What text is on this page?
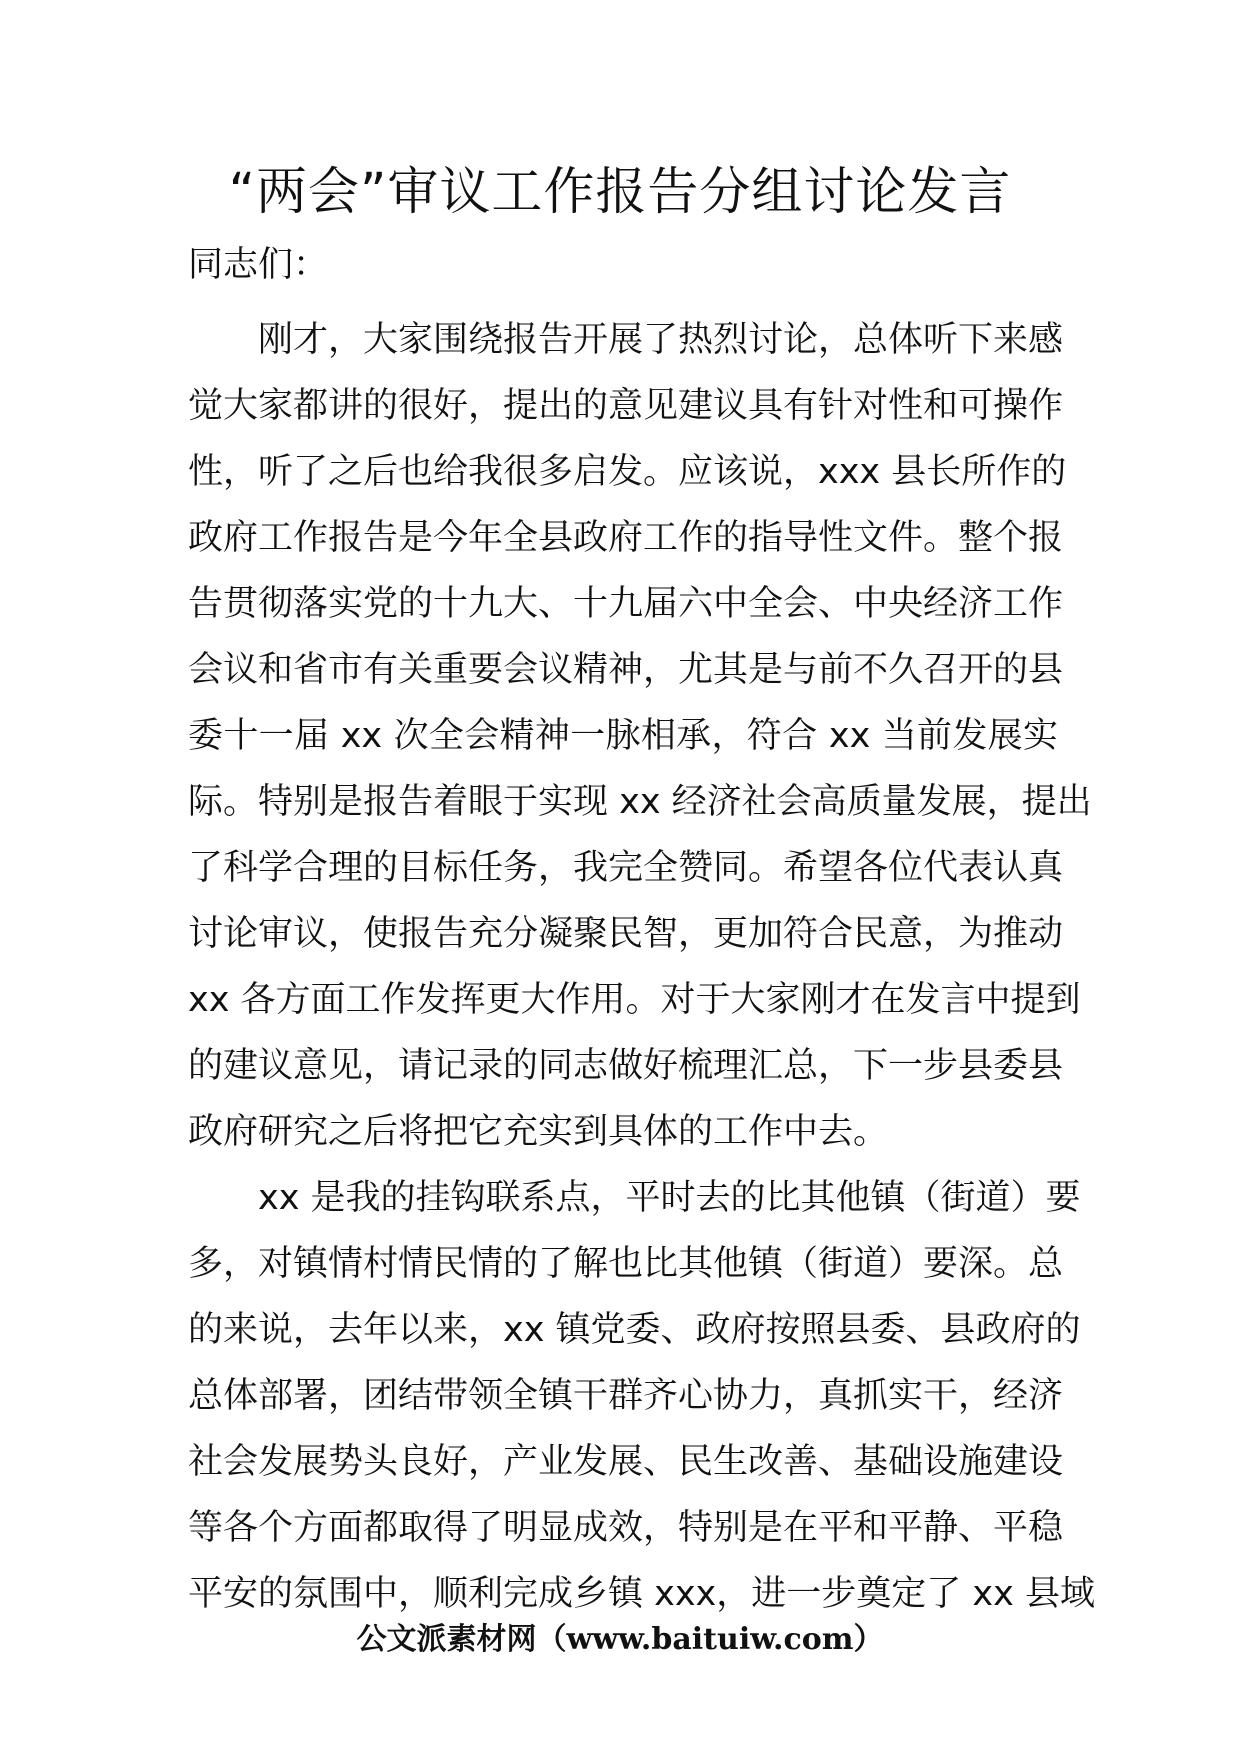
“两会”审议工作报告分组讨论发言

同志们：

刚才，大家围绕报告开展了热烈讨论，总体听下来感
觉大家都讲的很好，提出的意见建议具有针对性和可操作
性，听了之后也给我很多启发。应该说，xxx 县长所作的
政府工作报告是今年全县政府工作的指导性文件。整个报
告贯彻落实党的十九大、十九届六中全会、中央经济工作
会议和省市有关重要会议精神，尤其是与前不久召开的县
委十一届 xx 次全会精神一脉相承，符合 xx 当前发展实
际。特别是报告着眼于实现 xx 经济社会高质量发展，提出
了科学合理的目标任务，我完全赞同。希望各位代表认真
讨论审议，使报告充分凝聚民智，更加符合民意，为推动
xx 各方面工作发挥更大作用。对于大家刚才在发言中提到
的建议意见，请记录的同志做好梳理汇总，下一步县委县
政府研究之后将把它充实到具体的工作中去。
xx 是我的挂钩联系点，平时去的比其他镇（街道）要
多，对镇情村情民情的了解也比其他镇（街道）要深。总
的来说，去年以来，xx 镇党委、政府按照县委、县政府的
总体部署，团结带领全镇干群齐心协力，真抓实干，经济
社会发展势头良好，产业发展、民生改善、基础设施建设
等各个方面都取得了明显成效，特别是在平和平静、平稳
平安的氛围中，顺利完成乡镇 xxx，进一步奠定了 xx 县域
公文派素材网（www.baituiw.com）
